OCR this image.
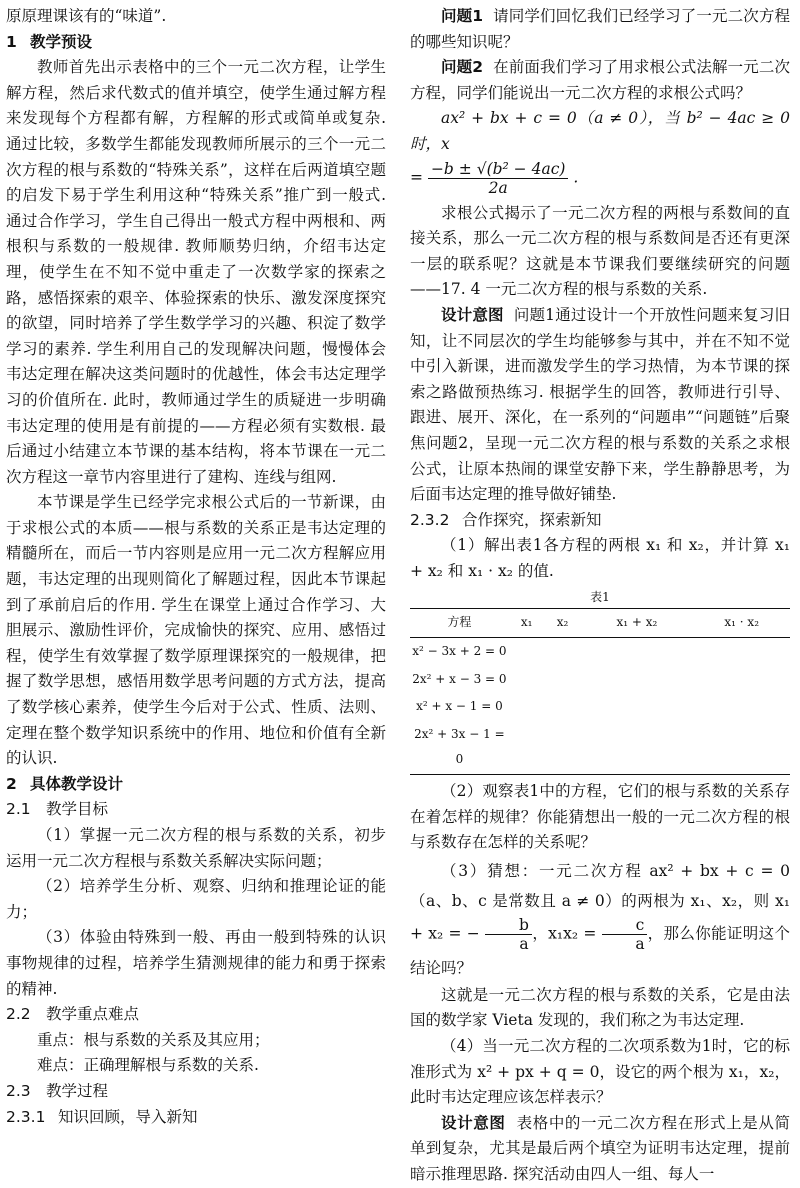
原原理课该有的“味道”.

1 教学预设

教师首先出示表格中的三个一元二次方程，让学生解方程，然后求代数式的值并填空，使学生通过解方程来发现每个方程都有解，方程解的形式或简单或复杂. 通过比较，多数学生都能发现教师所展示的三个一元二次方程的根与系数的“特殊关系”，这样在后两道填空题的启发下易于学生利用这种“特殊关系”推广到一般式. 通过合作学习，学生自己得出一般式方程中两根和、两根积与系数的一般规律. 教师顺势归纳，介绍韦达定理，使学生在不知不觉中重走了一次数学家的探索之路，感悟探索的艰辛、体验探索的快乐、激发深度探究的欲望，同时培养了学生数学学习的兴趣、积淀了数学学习的素养. 学生利用自己的发现解决问题，慢慢体会韦达定理在解决这类问题时的优越性，体会韦达定理学习的价值所在. 此时，教师通过学生的质疑进一步明确韦达定理的使用是有前提的——方程必须有实数根. 最后通过小结建立本节课的基本结构，将本节课在一元二次方程这一章节内容里进行了建构、连线与组网.

本节课是学生已经学完求根公式后的一节新课，由于求根公式的本质——根与系数的关系正是韦达定理的精髓所在，而后一节内容则是应用一元二次方程解应用题，韦达定理的出现则简化了解题过程，因此本节课起到了承前启后的作用. 学生在课堂上通过合作学习、大胆展示、激励性评价，完成愉快的探究、应用、感悟过程，使学生有效掌握了数学原理课探究的一般规律，把握了数学思想，感悟用数学思考问题的方式方法，提高了数学核心素养，使学生今后对于公式、性质、法则、定理在整个数学知识系统中的作用、地位和价值有全新的认识.

2 具体教学设计

2.1 教学目标

（1）掌握一元二次方程的根与系数的关系，初步运用一元二次方程根与系数关系解决实际问题；

（2）培养学生分析、观察、归纳和推理论证的能力；

（3）体验由特殊到一般、再由一般到特殊的认识事物规律的过程，培养学生猜测规律的能力和勇于探索的精神.

2.2 教学重点难点

重点：根与系数的关系及其应用；

难点：正确理解根与系数的关系.

2.3 教学过程

2.3.1 知识回顾，导入新知

问题1 请同学们回忆我们已经学习了一元二次方程的哪些知识呢？

问题2 在前面我们学习了用求根公式法解一元二次方程，同学们能说出一元二次方程的求根公式吗？

ax² + bx + c = 0（a ≠ 0），当 b² − 4ac ≥ 0 时，x

= $\frac{\text{−b ± √(b² − 4ac)}}{2a}$ .

求根公式揭示了一元二次方程的两根与系数间的直接关系，那么一元二次方程的根与系数间是否还有更深一层的联系呢？这就是本节课我们要继续研究的问题——17. 4 一元二次方程的根与系数的关系.

设计意图 问题1通过设计一个开放性问题来复习旧知，让不同层次的学生均能够参与其中，并在不知不觉中引入新课，进而激发学生的学习热情，为本节课的探索之路做预热练习. 根据学生的回答，教师进行引导、跟进、展开、深化，在一系列的“问题串”“问题链”后聚焦问题2，呈现一元二次方程的根与系数的关系之求根公式，让原本热闹的课堂安静下来，学生静静思考，为后面韦达定理的推导做好铺垫.

2.3.2 合作探究，探索新知

（1）解出表1各方程的两根 x₁ 和 x₂，并计算 x₁ + x₂ 和 x₁ · x₂ 的值.

表1
方程	x₁	x₂	x₁ + x₂	x₁ · x₂
x² − 3x + 2 = 0				
2x² + x − 3 = 0				
x² + x − 1 = 0				
2x² + 3x − 1 = 0				

（2）观察表1中的方程，它们的根与系数的关系存在着怎样的规律？你能猜想出一般的一元二次方程的根与系数存在怎样的关系呢？

（3）猜想：一元二次方程 ax² + bx + c = 0（a、b、c 是常数且 a ≠ 0）的两根为 x₁、x₂，则 x₁ + x₂ = − $\frac{b}{a}$ ，$x_1x_2 = \frac{c}{a}$ ，那么你能证明这个结论吗？

这就是一元二次方程的根与系数的关系，它是由法国的数学家 Vieta 发现的，我们称之为韦达定理.

（4）当一元二次方程的二次项系数为1时，它的标准形式为 x² + px + q = 0，设它的两个根为 x₁，x₂，此时韦达定理应该怎样表示？

设计意图 表格中的一元二次方程在形式上是从简单到复杂，尤其是最后两个填空为证明韦达定理，提前暗示推理思路. 探究活动由四人一组、每人一
